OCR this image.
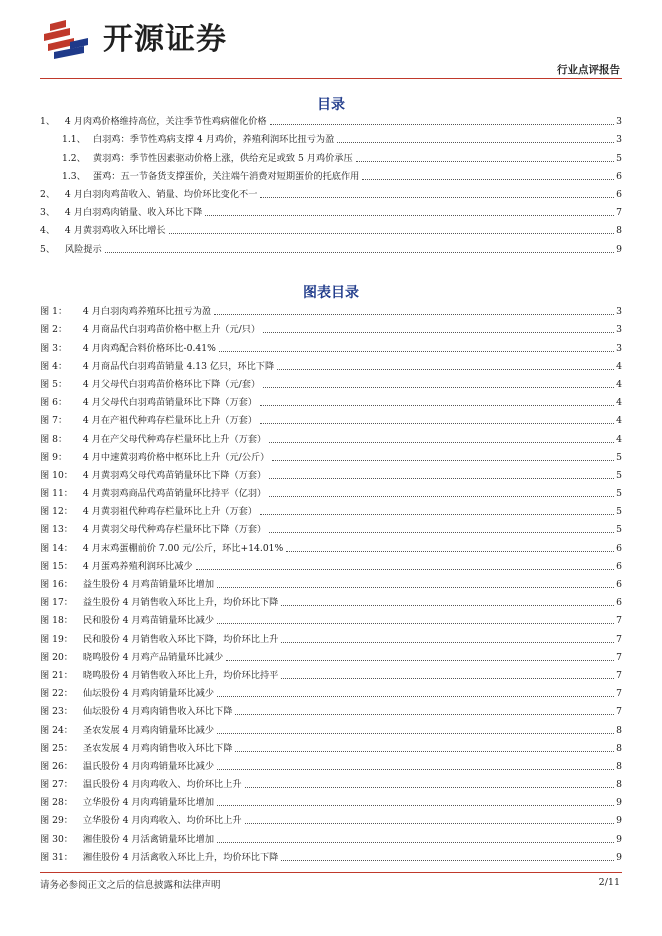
开源证券
行业点评报告
目录
1、 4 月肉鸡价格维持高位，关注季节性鸡病催化价格	3
1.1、 白羽鸡：季节性鸡病支撑 4 月鸡价，养殖利润环比扭亏为盈	3
1.2、 黄羽鸡：季节性因素驱动价格上涨，供给充足或致 5 月鸡价承压	5
1.3、 蛋鸡：五一节备货支撑蛋价，关注端午消费对短期蛋价的托底作用	6
2、 4 月白羽肉鸡苗收入、销量、均价环比变化不一	6
3、 4 月白羽鸡肉销量、收入环比下降	7
4、 4 月黄羽鸡收入环比增长	8
5、 风险提示	9
图表目录
图 1： 4 月白羽肉鸡养殖环比扭亏为盈	3
图 2： 4 月商品代白羽鸡苗价格中枢上升（元/只）	3
图 3： 4 月肉鸡配合料价格环比-0.41%	3
图 4： 4 月商品代白羽鸡苗销量 4.13 亿只，环比下降	4
图 5： 4 月父母代白羽鸡苗价格环比下降（元/套）	4
图 6： 4 月父母代白羽鸡苗销量环比下降（万套）	4
图 7： 4 月在产祖代种鸡存栏量环比上升（万套）	4
图 8： 4 月在产父母代种鸡存栏量环比上升（万套）	4
图 9： 4 月中速黄羽鸡价格中枢环比上升（元/公斤）	5
图 10： 4 月黄羽鸡父母代鸡苗销量环比下降（万套）	5
图 11： 4 月黄羽鸡商品代鸡苗销量环比持平（亿羽）	5
图 12： 4 月黄羽祖代种鸡存栏量环比上升（万套）	5
图 13： 4 月黄羽父母代种鸡存栏量环比下降（万套）	5
图 14： 4 月末鸡蛋棚前价 7.00 元/公斤，环比+14.01%	6
图 15： 4 月蛋鸡养殖利润环比减少	6
图 16： 益生股份 4 月鸡苗销量环比增加	6
图 17： 益生股份 4 月销售收入环比上升，均价环比下降	6
图 18： 民和股份 4 月鸡苗销量环比减少	7
图 19： 民和股份 4 月销售收入环比下降，均价环比上升	7
图 20： 晓鸣股份 4 月鸡产品销量环比减少	7
图 21： 晓鸣股份 4 月销售收入环比上升，均价环比持平	7
图 22： 仙坛股份 4 月鸡肉销量环比减少	7
图 23： 仙坛股份 4 月鸡肉销售收入环比下降	7
图 24： 圣农发展 4 月鸡肉销量环比减少	8
图 25： 圣农发展 4 月鸡肉销售收入环比下降	8
图 26： 温氏股份 4 月肉鸡销量环比减少	8
图 27： 温氏股份 4 月肉鸡收入、均价环比上升	8
图 28： 立华股份 4 月肉鸡销量环比增加	9
图 29： 立华股份 4 月肉鸡收入、均价环比上升	9
图 30： 湘佳股份 4 月活禽销量环比增加	9
图 31： 湘佳股份 4 月活禽收入环比上升，均价环比下降	9
请务必参阅正文之后的信息披露和法律声明	2/11
